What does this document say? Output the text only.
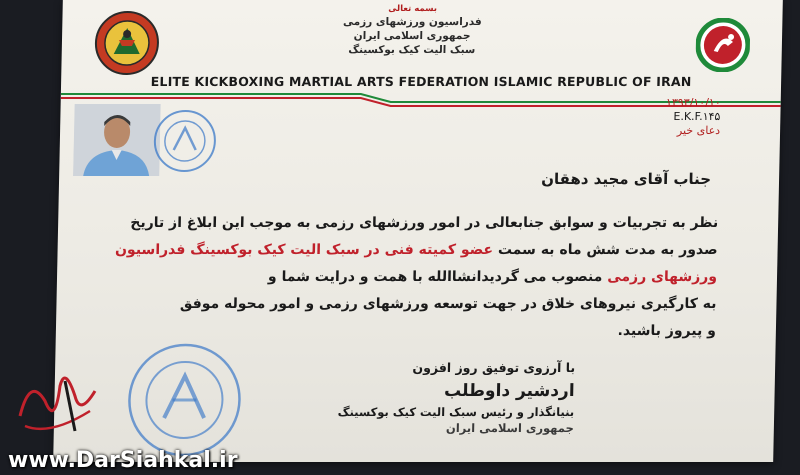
بسمه تعالی
فدراسیون ورزشهای رزمی
جمهوری اسلامی ایران
سبک الیت کیک بوکسینگ
ELITE KICKBOXING MARTIAL ARTS FEDERATION ISLAMIC REPUBLIC OF IRAN
۱۳۹۳/۱۰/۱۰
E.K.F.۱۴۵
دعای خیر
جناب آقای مجید دهقان
نظر به تجربیات و سوابق جنابعالی در امور ورزشهای رزمی به موجب این ابلاغ از تاریخ
صدور به مدت شش ماه به سمت عضو کمیته فنی در سبک الیت کیک بوکسینگ فدراسیون
ورزشهای رزمی منصوب می گردیدانشاالله با همت و درایت شما و
به کارگیری نیروهای خلاق در جهت توسعه ورزشهای رزمی و امور محوله موفق
و پیروز باشید.
با آرزوی توفیق روز افزون
اردشیر داوطلب
بنیانگذار و رئیس سبک الیت کیک بوکسینگ
جمهوری اسلامی ایران
www.DarSiahkal.ir
